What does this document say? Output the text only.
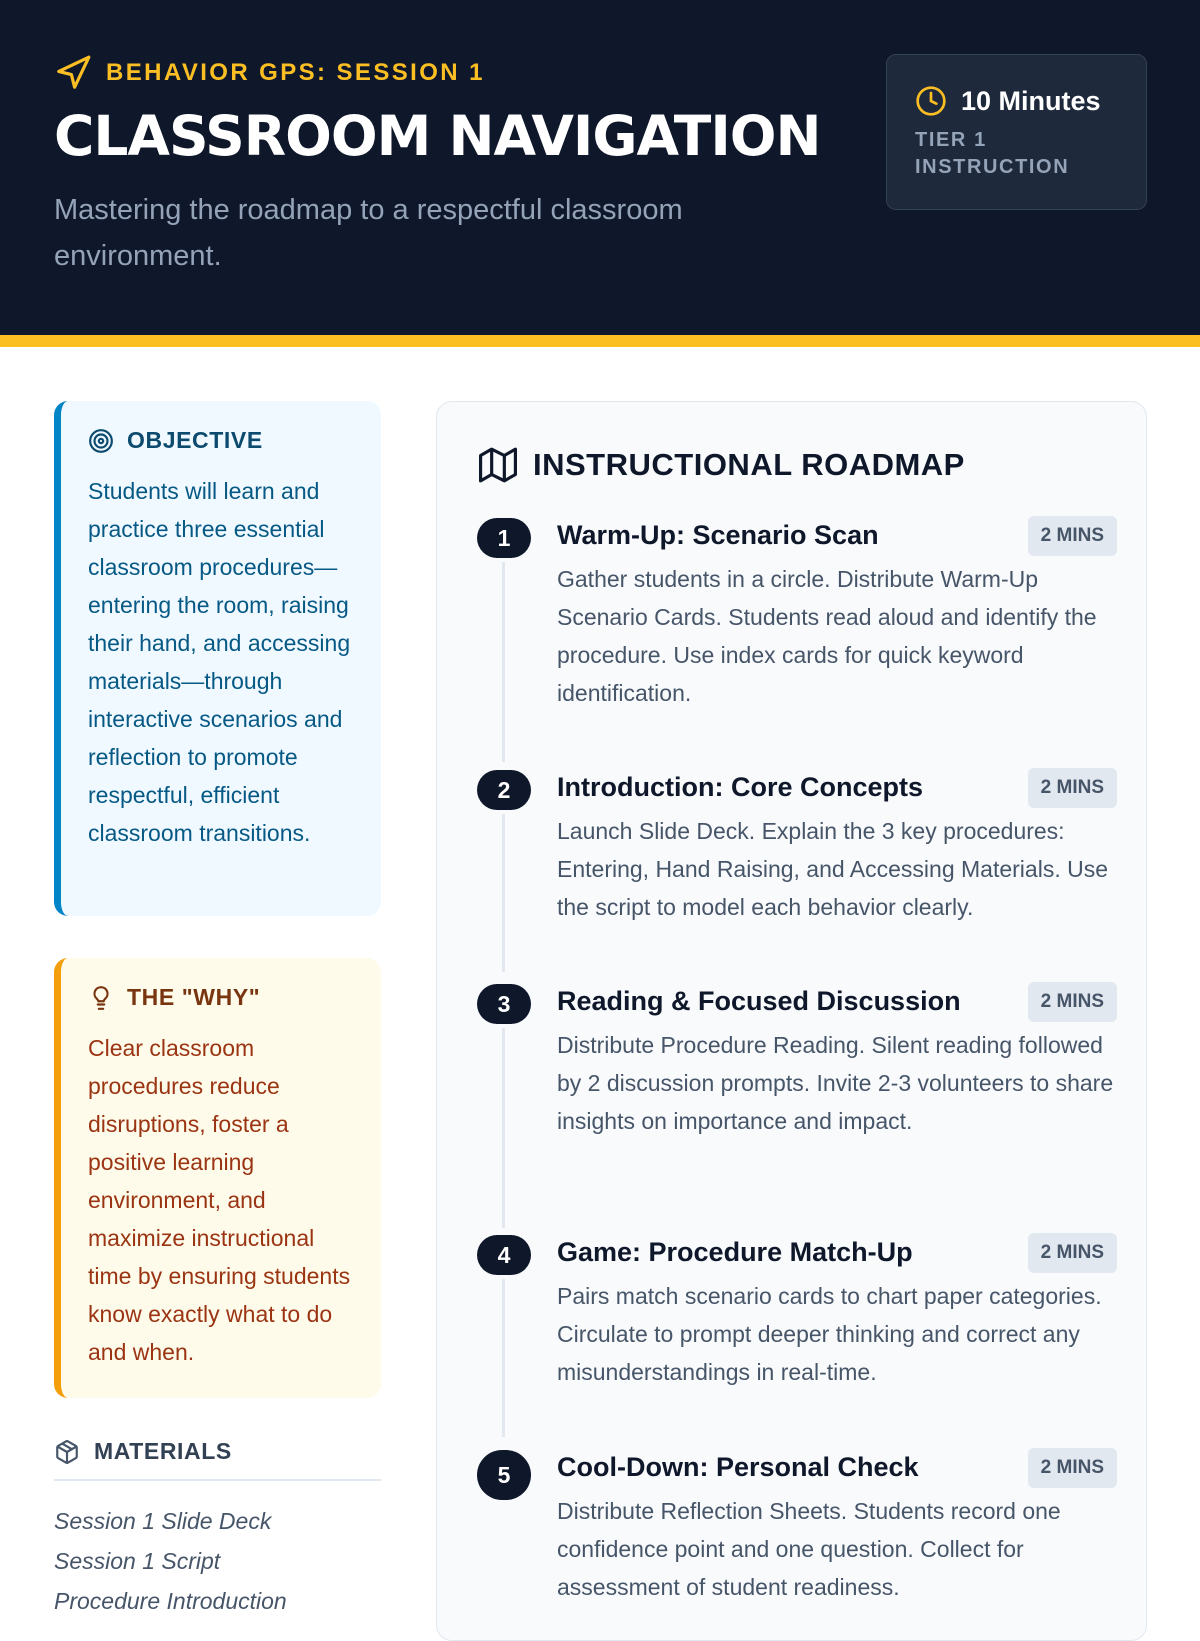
BEHAVIOR GPS: SESSION 1
CLASSROOM NAVIGATION
Mastering the roadmap to a respectful classroom environment.
10 Minutes
TIER 1 INSTRUCTION
OBJECTIVE
Students will learn and practice three essential classroom procedures—entering the room, raising their hand, and accessing materials—through interactive scenarios and reflection to promote respectful, efficient classroom transitions.
THE "WHY"
Clear classroom procedures reduce disruptions, foster a positive learning environment, and maximize instructional time by ensuring students know exactly what to do and when.
MATERIALS
Session 1 Slide Deck
Session 1 Script
Procedure Introduction
INSTRUCTIONAL ROADMAP
1	Warm-Up: Scenario Scan	2 MINS
Gather students in a circle. Distribute Warm-Up Scenario Cards. Students read aloud and identify the procedure. Use index cards for quick keyword identification.
2	Introduction: Core Concepts	2 MINS
Launch Slide Deck. Explain the 3 key procedures: Entering, Hand Raising, and Accessing Materials. Use the script to model each behavior clearly.
3	Reading & Focused Discussion	2 MINS
Distribute Procedure Reading. Silent reading followed by 2 discussion prompts. Invite 2-3 volunteers to share insights on importance and impact.
4	Game: Procedure Match-Up	2 MINS
Pairs match scenario cards to chart paper categories. Circulate to prompt deeper thinking and correct any misunderstandings in real-time.
5	Cool-Down: Personal Check	2 MINS
Distribute Reflection Sheets. Students record one confidence point and one question. Collect for assessment of student readiness.
